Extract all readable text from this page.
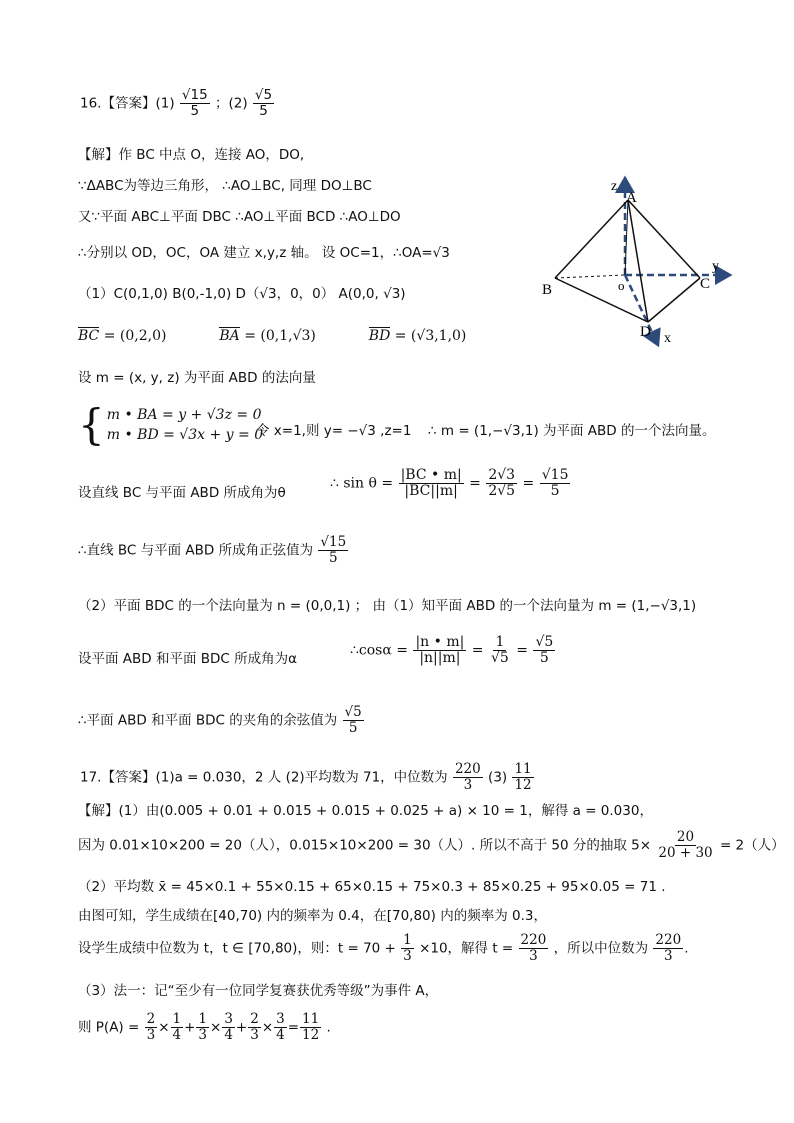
16.【答案】$(1) \frac{√15}{5}$ ；$(2) \frac{√5}{5}$
【解】作 BC 中点 O，连接 AO，DO,
∵ΔABC为等边三角形， ∴AO⊥BC, 同理 DO⊥BC
又∵平面 ABC⊥平面 DBC ∴AO⊥平面 BCD ∴AO⊥DO
∴分别以 OD，OC，OA 建立 x,y,z 轴。 设 OC=1，∴OA=√3
（1）C(0,1,0) B(0,-1,0) D（√3，0，0） A(0,0, √3)
BC = (0,2,0)	BA = (0,1,√3)	BD = (√3,1,0)
设 m = (x, y, z) 为平面 ABD 的法向量
{ m • BA = y + √3z = 0
m • BD = √3x + y = 0
令 x=1,则 y= −√3 ,z=1 ∴ m = (1,−√3,1) 为平面 ABD 的一个法向量。
设直线 BC 与平面 ABD 所成角为θ
∴ $\sin \theta = \frac{|BC • m|}{|BC||m|} = \frac{2√3}{2√5} = \frac{√15}{5}$
∴直线 BC 与平面 ABD 所成角正弦值为 $\frac{√15}{5}$
（2）平面 BDC 的一个法向量为 n = (0,0,1) ； 由（1）知平面 ABD 的一个法向量为 m = (1,−√3,1)
设平面 ABD 和平面 BDC 所成角为α
∴cosα = $\frac{|n • m|}{|n||m|} = \frac{1}{√5} = \frac{√5}{5}$
∴平面 ABD 和平面 BDC 的夹角的余弦值为 $\frac{√5}{5}$
z
A
y
B	o	C
D x
17.【答案】(1)a = 0.030，2 人 (2)平均数为 71，中位数为 $\frac{220}{3} (3) \frac{11}{12}$
【解】(1）由(0.005 + 0.01 + 0.015 + 0.015 + 0.025 + a) × 10 = 1，解得 a = 0.030，
因为 0.01×10×200 = 20（人），0.015×10×200 = 30（人）. 所以不高于 50 分的抽取 $5\times \frac{20}{20 + 30} = 2$（人）
（2）平均数 x̄ = 45×0.1 + 55×0.15 + 65×0.15 + 75×0.3 + 85×0.25 + 95×0.05 = 71 .
由图可知，学生成绩在[40,70) 内的频率为 0.4，在[70,80) 内的频率为 0.3，
设学生成绩中位数为 t，t ∈ [70,80)，则：$t = 70 + \frac{1}{3} \times 10$，解得 $t = \frac{220}{3}$ ，所以中位数为 $\frac{220}{3}$ .
（3）法一：记“至少有一位同学复赛获优秀等级”为事件 A，
则 $P(A) = \frac{2}{3} \times \frac{1}{4} + \frac{1}{3} \times \frac{3}{4} + \frac{2}{3} \times \frac{3}{4} = \frac{11}{12}$ .
